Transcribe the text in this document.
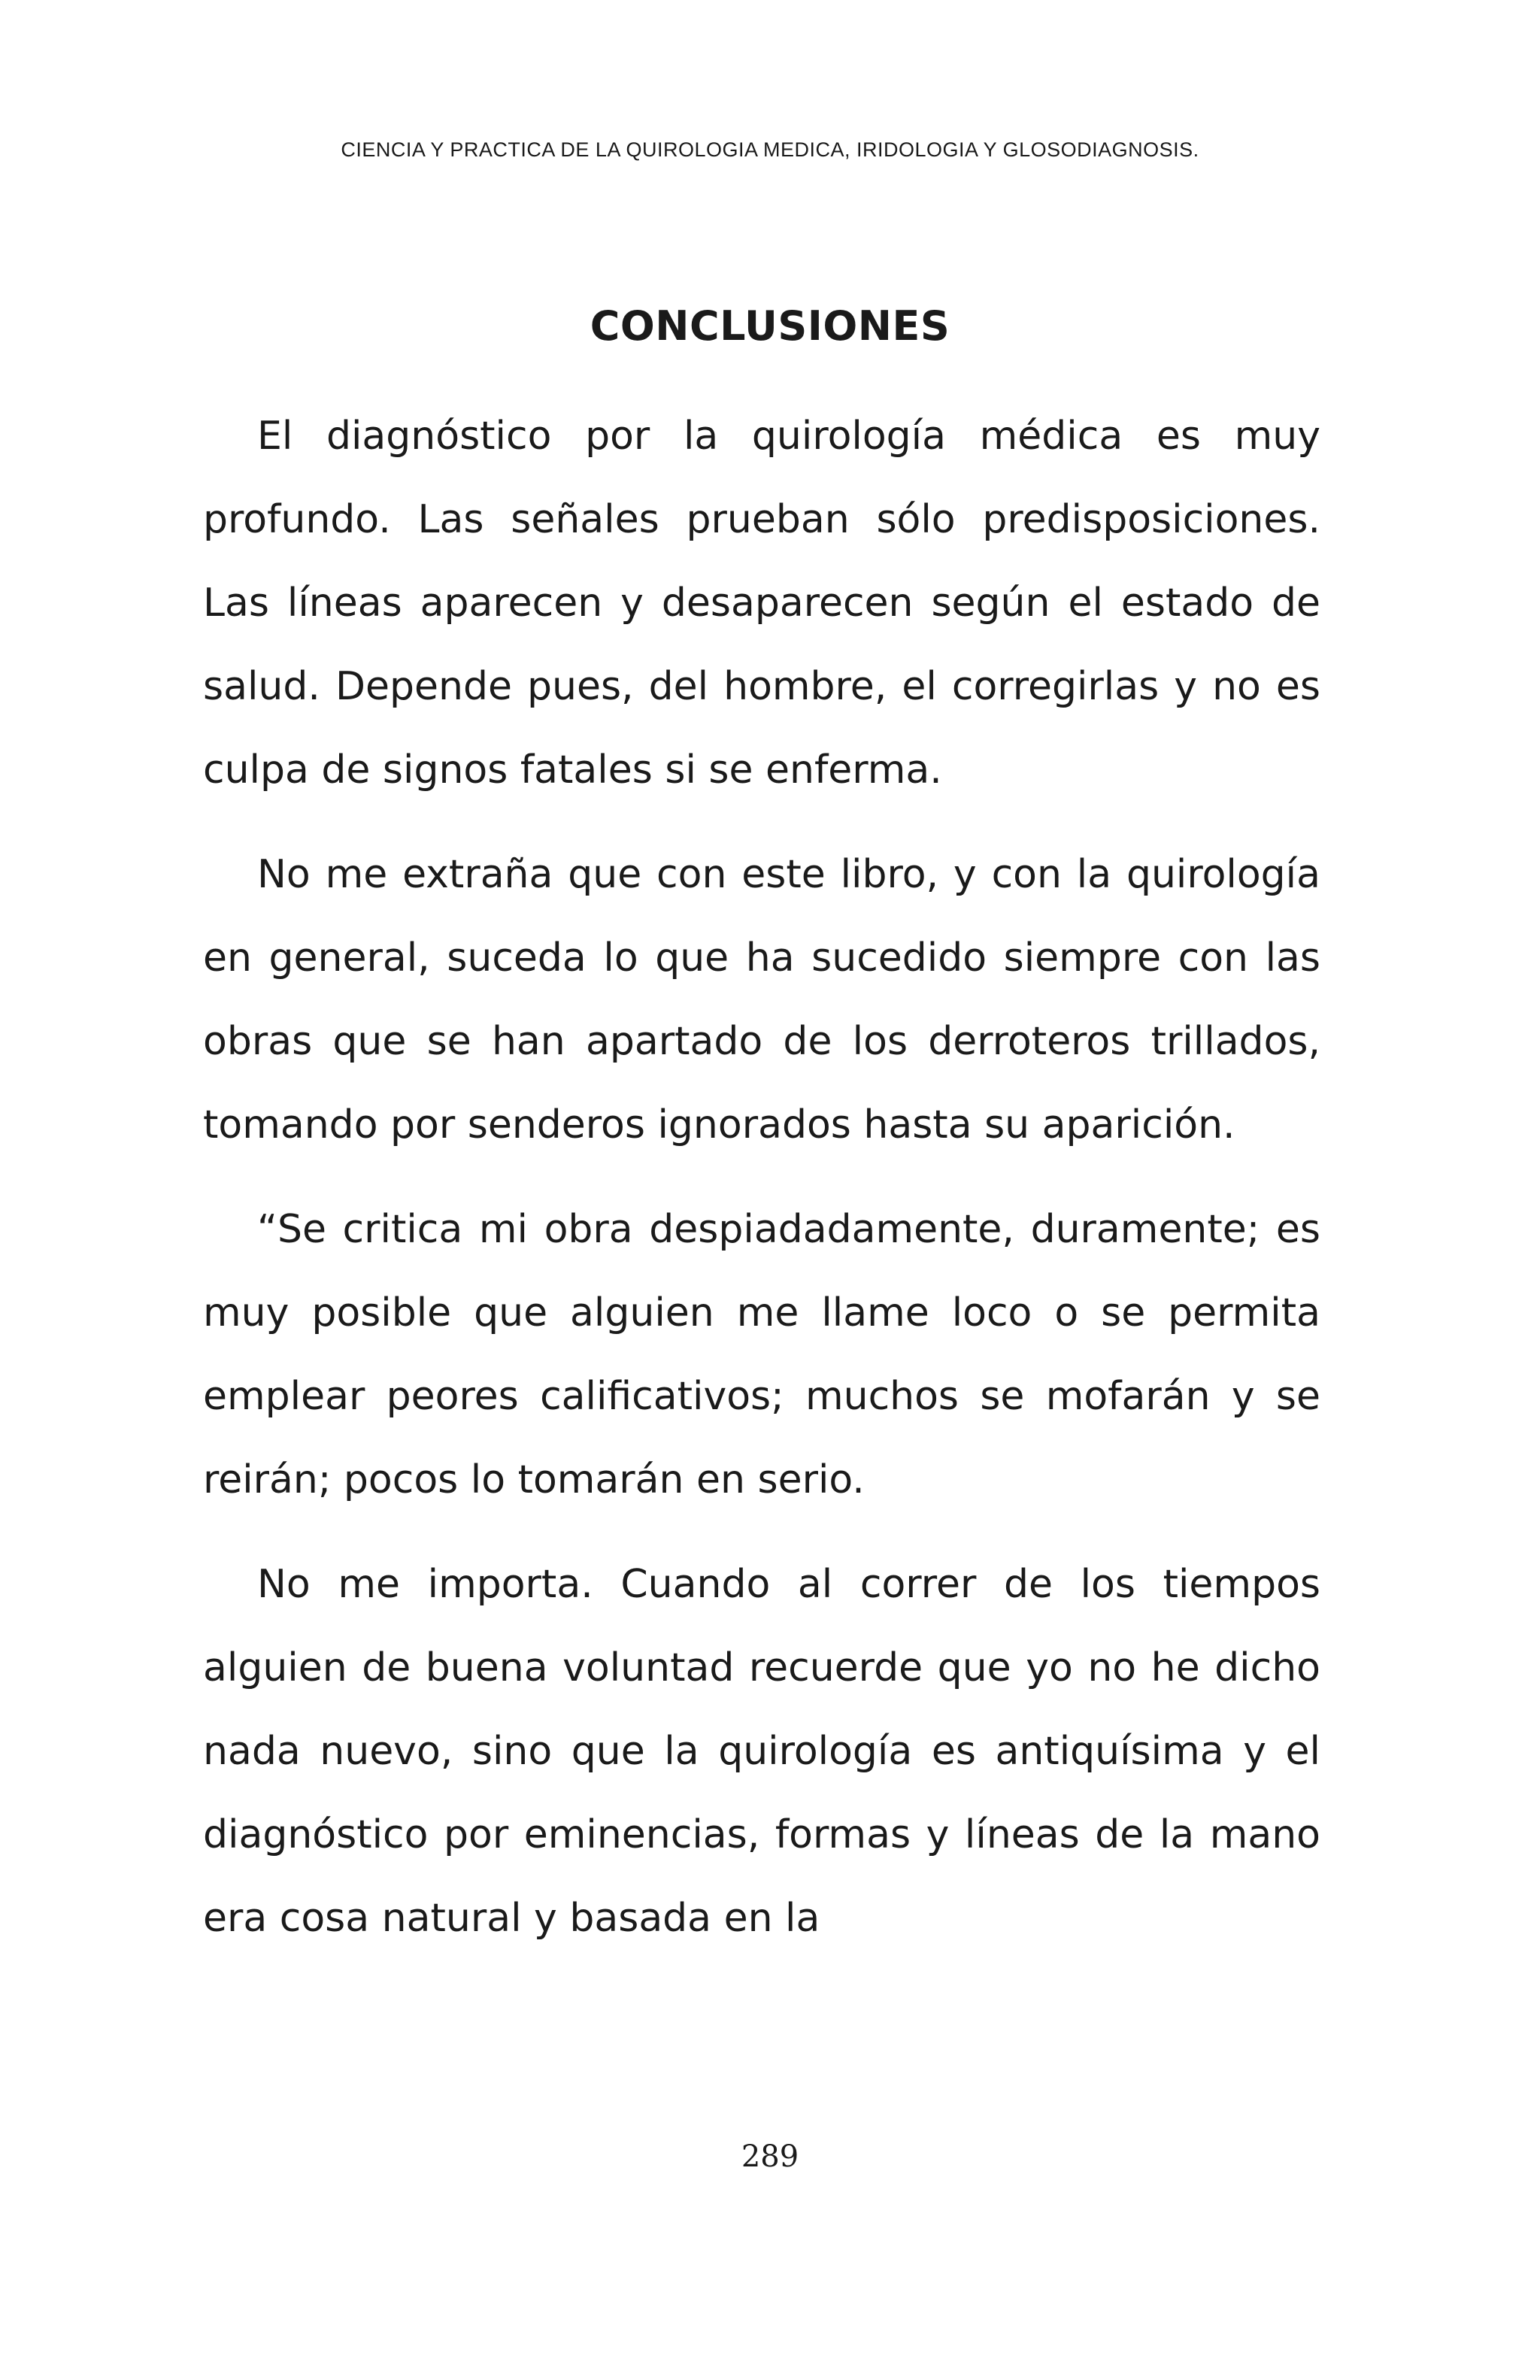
CIENCIA Y PRACTICA DE LA QUIROLOGIA MEDICA, IRIDOLOGIA Y GLOSODIAGNOSIS.
CONCLUSIONES

El diagnóstico por la quirología médica es muy profundo. Las señales prueban sólo predisposiciones. Las líneas aparecen y desaparecen según el estado de salud. Depende pues, del hombre, el corregirlas y no es culpa de signos fatales si se enferma.

No me extraña que con este libro, y con la quirología en general, suceda lo que ha sucedido siempre con las obras que se han apartado de los derroteros trillados, tomando por senderos ignorados hasta su aparición.

“Se critica mi obra despiadadamente, duramente; es muy posible que alguien me llame loco o se permita emplear peores calificativos; muchos se mofarán y se reirán; pocos lo tomarán en serio.

No me importa. Cuando al correr de los tiempos alguien de buena voluntad recuerde que yo no he dicho nada nuevo, sino que la quirología es antiquísima y el diagnóstico por eminencias, formas y líneas de la mano era cosa natural y basada en la

289
